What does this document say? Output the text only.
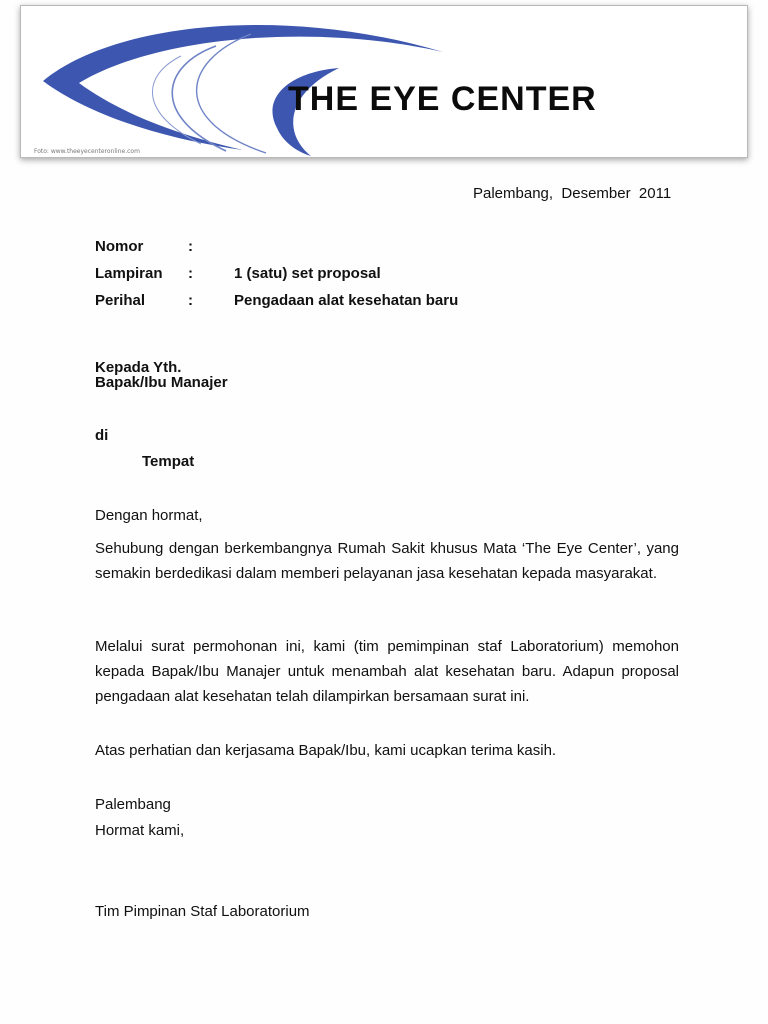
THE EYE CENTER
Foto: www.theeyecenteronline.com
Palembang,  Desember  2011
Nomor	:
Lampiran :	1 (satu) set proposal
Perihal	:	Pengadaan alat kesehatan baru
Kepada Yth.
Bapak/Ibu Manajer
di
Tempat
Dengan hormat,
Sehubung dengan berkembangnya Rumah Sakit khusus Mata ‘The Eye Center’, yang semakin berdedikasi dalam memberi pelayanan jasa kesehatan kepada masyarakat.
Melalui surat permohonan ini, kami (tim pemimpinan staf Laboratorium) memohon kepada Bapak/Ibu Manajer untuk menambah alat kesehatan baru. Adapun proposal pengadaan alat kesehatan telah dilampirkan bersamaan surat ini.
Atas perhatian dan kerjasama Bapak/Ibu, kami ucapkan terima kasih.
Palembang
Hormat kami,
Tim Pimpinan Staf Laboratorium
